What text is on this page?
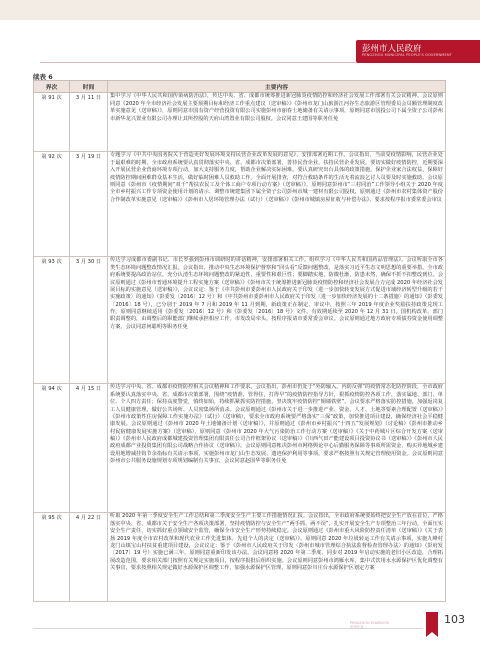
彭州市人民政府
PENGZHOU MUNICIPAL PEOPLE'S GOVERNMENT
续表 6
界次	时间	主要内容
第 91 次	3 月 11 日	集中学习《中华人民共和国传染病防治法》，传达中央、省、成都市统筹推进新冠肺炎疫情防控和经济社会发展工作部署有关会议精神。会议原则同意《2020 年全市经济社会发展主要预期目标和经济工作重点建议（送审稿）》《彭州市龙门山旅游江河谷生态旅游区管理委员会员额管理制度改革实施意见（送审稿）》，原则同意市国有资产经营投资有限公司实施彭州市丽春土地储备有关请示事项，原则同意市国投公司下属全资子公司彭州市新华龙兴置业有限公司办理让其所控股的天府山湾置业有限公司股权。会议同意王建国等职务任免
第 92 次	3 月 19 日	专题学习《中共中央国务院关于营造更好发展环境支持民营企业改革发展的意见》，安排部署近期工作。会议指出，当前受疫情影响，民营企业处于最艰难的时期，全市政府系统要认真贯彻落实中央、省、成都市决策部署，善待民营企业，扶持民营企业发展。要切实做好疫情防控，近期要深入开展民营企业营商环境专项行动，加大支持服务力度，帮助企业解决实际困难。要认真研究出台具体的政策措施，保护企业家合法权益，保障好疫情防控期间困难群众基本生活，做好临时困难人员救助工作。全面开展排查，对符合救助条件的生活无着流浪乞讨人员要及时实施救助。会议原则同意《彭州市《疫情期间“双千”帮扶农民工及个体工商户专项行动方案》（送审稿）》，原则同意彭州市“三村同治”工作领导小组关于 2020 年度全市乡村振兴工作专项资金使用计划的请示、调整市统建集团下属全资子公司彭州市城一建材有限公司股权，原则通过《彭州市农村集体资产股份合作制改革实施意见（送审稿）》《彭州市人居环境管理办法（试行）（送审稿）》《彭州市城镇房屋征收与补偿办法》，要求按程序报市委常委会审议
第 93 次	3 月 30 日	传达学习成都市委副书记、市长罗强到彭州市调研时的讲话精神，安排部署相关工作。组织学习《中华人民共和国药品管理法》。会议听取全市各类生态环境问题整改情况汇报。会议指出，推动中央生态环境保护督察和“回头看”反馈问题整改，是落实习近平生态文明思想的重要举措。全市政府系统要提高政治站位，充分认清生态环境问题整改的紧迫性、重要性和艰巨性；要脚踏实地，防微杜渐，防患未然，确保不折不扣整改到位。会议原则通过《彭州市普通环境提升工程实施方案（送审稿）》《彭州市关于统筹推进新冠肺炎疫情防控和经济社会发展合力完成 2020 年经济社会发展目标的实施意见（送审稿）》，会议议定：鉴于《中共彭州市委彭州市人民政府关于印发〈进一步加快转变发展方式促进市域经济转型升级的若干实施政策〉的通知》（彭委发〔2016〕12 号）和《中共彭州市委彭州市人民政府关于印发〈进一步加快经济发展的十二条措施〉的通知》（彭委发〔2016〕18 号），已分别于 2019 年 7 月和 2019 年 11 月到期，新政策正在制定、审议中，按照三年 2019 年度企业奖励扶持政策兑现工作，原则同意继续适用《彭委发〔2016〕12 号》和《彭委发〔2016〕18 号》文件。有效期延续至 2020 年 12 月 31 日。国机构改革，部门职责调整的，由调整后的职能部门继续承担相应工作。市发改局牵头，按程序报请市委常委会审议。会议原则通过地方政府专项债券资金使用调整方案，会议同意何聪明等职务任免
第 94 次	4 月 15 日	传达学习中央、省、成都市疫情防控相关会议精神和工作要求。会议指出，彭州市仍处于“外防输入，内防反弹”的疫情常态化防控阶段，全市政府系统要认真落实中央、省、成都市决策部署，围绕“疫情准，管得住，打得早”的疫情防控指导方针，狠抓疫情防控各项工作，落实属地、部门、单位、个人四方责任；保持高度警觉，慎终如始，持续抓紧抓实防控措施，坚决筑牢疫情防控“铜墙铁壁”。会议要求严格落实防控措施，加强返岗复工人员健康管理，做好公共场所、人员密集场所消杀。会议原则通过《彭州市关于进一步推进产业、资金、人才、土地等要素合理配置（送审稿）》《彭州市政策性住房保障工作实施办法》（试行）（送审稿），要求全市政府系统要严格落实“三保”政策，加快推进项目建设，确保经济社会平稳健康发展。会议原则通过《彭州市 2020 年土地储备计划（送审稿）》，并原则通过《彭州市乡村振兴“十四五”发展规划》（讨论稿）《彭州市推动乡村民宿健康发展实施方案》（送审稿），原则同意《彭州市 2020 年大气污染防治工作行动方案（送审稿）》《关于中药城片区综合开发方案（送审稿）》《彭州市人民政府成都城建投资管理集团有限责任公司合作框架协议（送审稿）》《川西气田产能建设项目投资协议书（送审稿）》《彭州市人民政府成都产业投资集团有限公司战略合作协议（送审稿）》。会议原则同意帐决彭州市网络舆论中心后勤服务保障等事项所需资金，购买异地城乡建设用地增减挂钩节余指标有关请示事项、实施彭州市龙门山生态发展、遗迹保护利用等事项，要求严格按照有关规定管理使用资金。会议原则同意彭州市公共服务设施规划专项规划编制有关事宜，会议同意赵国华等职务任免
第 95 次	4 月 22 日	听取 2020 年第一季度安全生产工作总结和第二季度安全生产主要工作措施情况汇报。会议指出，全市政府系统要始终把安全生产放在首位，严格落实中央、省、成都市关于安全生产各项决策部署，坚持疫情防控与安全生产“两手抓、两不误”，扎实开展安全生产专项整治三年行动，全面压实安全生产责任，切实抓好重点领域安全监管，确保全市安全生产形势持续稳定。会议原则通过《彭州市重大风险防控责任清单（送审稿）》《关于表扬 2019 年度全市农村改革和现代农业工作先进集体、先进个人的决定（送审稿）》。原则同意 2020 年垃圾转运工作有关请示事项，实施九峰村龙门山镇宝山村扶贫重建项目建设，会议议定：鉴于《彭州市人民政府关于印发〈彭州市城市管理综合执法监督检查管理办法〉的通知》（彭府发〔2017〕19 号）实施已满三年，原则同意重新印发该办法。会议同意将 2020 年第二季度、同步对 2019 年启动实施的老旧小区改造，合理拓展改造范围，要求相关部门按照有关规定实施项目，按程序报批后组织实施。会议原则同意彭州市鸿雁水库，集中式饮用水水源保护区优化调整有关事宜，要求按照相关规定做好水源保护区调整工作，加强水源保护区管理，原则同意彭川庄台水源保护区划定方案
PENGZHOU YEARBOOK
彭州年鉴
103
